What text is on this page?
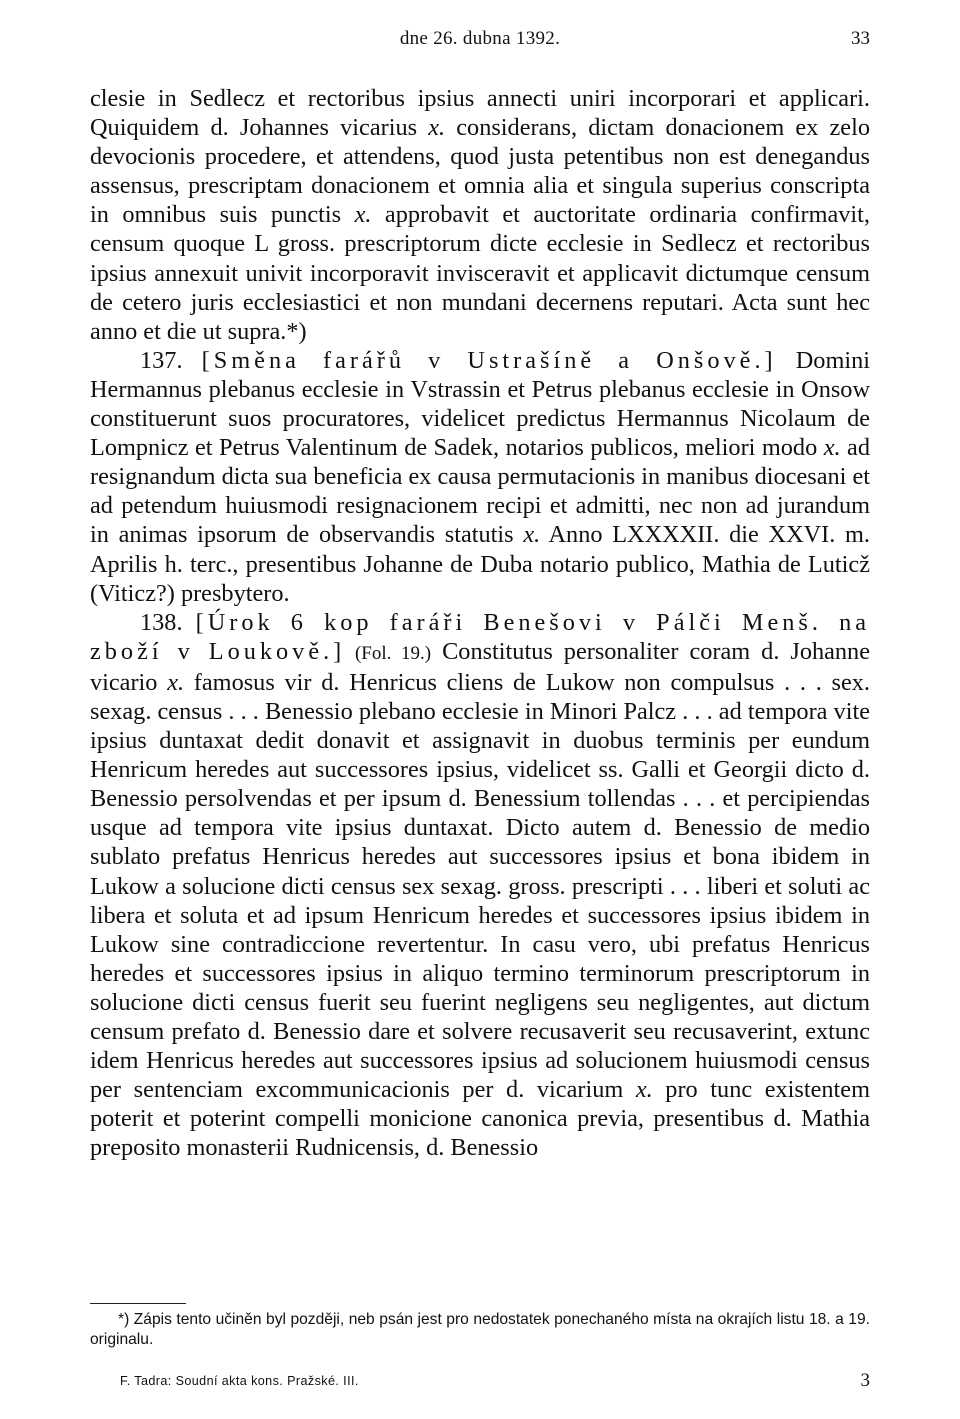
dne 26. dubna 1392.	33

clesie in Sedlecz et rectoribus ipsius annecti uniri incorporari et applicari. Quiquidem d. Johannes vicarius x. considerans, dictam donacionem ex zelo devocionis procedere, et attendens, quod justa petentibus non est denegandus assensus, prescriptam donacionem et omnia alia et singula superius conscripta in omnibus suis punctis x. approbavit et auctoritate ordinaria confirmavit, censum quoque L gross. prescriptorum dicte ecclesie in Sedlecz et rectoribus ipsius annexuit univit incorporavit invisceravit et applicavit dictumque censum de cetero juris ecclesiastici et non mundani decernens reputari. Acta sunt hec anno et die ut supra.*)

137. [Směna farářů v Ustrašíně a Onšově.] Domini Hermannus plebanus ecclesie in Vstrassin et Petrus plebanus ecclesie in Onsow constituerunt suos procuratores, videlicet predictus Hermannus Nicolaum de Lompnicz et Petrus Valentinum de Sadek, notarios publicos, meliori modo x. ad resignandum dicta sua beneficia ex causa permutacionis in manibus diocesani et ad petendum huiusmodi resignacionem recipi et admitti, nec non ad jurandum in animas ipsorum de observandis statutis x. Anno LXXXXII. die XXVI. m. Aprilis h. terc., presentibus Johanne de Duba notario publico, Mathia de Luticž (Viticz?) presbytero.

138. [Úrok 6 kop faráři Benešovi v Pálči Menš. na zboží v Loukově.] (Fol. 19.) Constitutus personaliter coram d. Johanne vicario x. famosus vir d. Henricus cliens de Lukow non compulsus . . . sex. sexag. census . . . Benessio plebano ecclesie in Minori Palcz . . . ad tempora vite ipsius duntaxat dedit donavit et assignavit in duobus terminis per eundum Henricum heredes aut successores ipsius, videlicet ss. Galli et Georgii dicto d. Benessio persolvendas et per ipsum d. Benessium tollendas . . . et percipiendas usque ad tempora vite ipsius duntaxat. Dicto autem d. Benessio de medio sublato prefatus Henricus heredes aut successores ipsius et bona ibidem in Lukow a solucione dicti census sex sexag. gross. prescripti . . . liberi et soluti ac libera et soluta et ad ipsum Henricum heredes et successores ipsius ibidem in Lukow sine contradiccione revertentur. In casu vero, ubi prefatus Henricus heredes et successores ipsius in aliquo termino terminorum prescriptorum in solucione dicti census fuerit seu fuerint negligens seu negligentes, aut dictum censum prefato d. Benessio dare et solvere recusaverit seu recusaverint, extunc idem Henricus heredes aut successores ipsius ad solucionem huiusmodi census per sentenciam excommunicacionis per d. vicarium x. pro tunc existentem poterit et poterint compelli monicione canonica previa, presentibus d. Mathia preposito monasterii Rudnicensis, d. Benessio

*) Zápis tento učiněn byl později, neb psán jest pro nedostatek ponechaného místa na okrajích listu 18. a 19. originalu.
F. Tadra: Soudní akta kons. Pražské. III.	3
